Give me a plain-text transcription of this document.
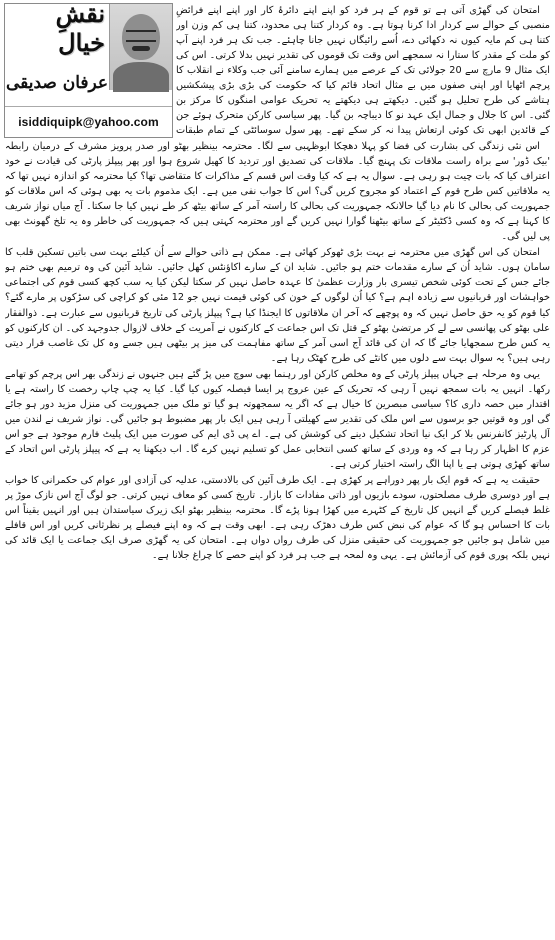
نقشِ خیال
عرفان صدیقی
isiddiquipk@yahoo.com

امتحان کی گھڑی آتی ہے تو قوم کے ہر فرد کو اپنے اپنے دائرۂ کار اور اپنے اپنے فرائضِ منصبی کے حوالے سے کردار ادا کرنا ہوتا ہے۔ وہ کردار کتنا ہی محدود، کتنا ہی کم وزن اور کتنا ہی کم مایہ کیوں نہ دکھائی دے، اُسے رائیگاں نہیں جانا چاہئے۔ جب تک ہر فرد اپنے آپ کو ملت کے مقدر کا ستارا نہ سمجھے اس وقت تک قوموں کی تقدیر نہیں بدلا کرتی۔ اس کی ایک مثال 9 مارچ سے 20 جولائی تک کے عرصے میں ہمارے سامنے آئی جب وکلاء نے انقلاب کا پرچم اٹھایا اور اپنی صفوں میں بے مثال اتحاد قائم کیا کہ حکومت کی بڑی بڑی پیشکشیں ہتاشے کی طرح تحلیل ہو گئیں۔ دیکھتے ہی دیکھتے یہ تحریک عوامی امنگوں کا مرکز بن گئی۔ اس کا جلال و جمال ایک عہد نو کا دیباچہ بن گیا۔ پھر سیاسی کارکن متحرک ہوئے جن کے قائدین ابھی تک کوئی ارتعاش پیدا نہ کر سکے تھے۔ پھر سول سوسائٹی کے تمام طبقات

اس نئی زندگی کی بشارت کی فضا کو پہلا دھچکا ابوظہبی سے لگا۔ محترمہ بینظیر بھٹو اور صدر پرویز مشرف کے درمیان رابطہ 'بیک ڈور' سے براہ راست ملاقات تک پہنچ گیا۔ ملاقات کی تصدیق اور تردید کا کھیل شروع ہوا اور پھر پیپلز پارٹی کی قیادت نے خود اعتراف کیا کہ بات چیت ہو رہی ہے۔ سوال یہ ہے کہ کیا وقت اس قسم کے مذاکرات کا متقاضی تھا؟ کیا محترمہ کو اندازہ نہیں تھا کہ یہ ملاقاتیں کس طرح قوم کے اعتماد کو مجروح کریں گی؟ اس کا جواب نفی میں ہے۔ ایک مذموم بات یہ بھی ہوئی کہ اس ملاقات کو جمہوریت کی بحالی کا نام دیا گیا حالانکہ جمہوریت کی بحالی کا راستہ آمر کے ساتھ بیٹھ کر طے نہیں کیا جا سکتا۔ آج میاں نواز شریف کا کہنا ہے کہ وہ کسی ڈکٹیٹر کے ساتھ بیٹھنا گوارا نہیں کریں گے اور محترمہ کہتی ہیں کہ جمہوریت کی خاطر وہ یہ تلخ گھونٹ بھی پی لیں گی۔

امتحان کی اس گھڑی میں محترمہ نے بہت بڑی ٹھوکر کھائی ہے۔ ممکن ہے ذاتی حوالے سے اُن کیلئے بہت سی باتیں تسکین قلب کا سامان ہوں۔ شاید اُن کے سارے مقدمات ختم ہو جائیں۔ شاید ان کے سارے اکاؤنٹس کھل جائیں۔ شاید آئین کی وہ ترمیم بھی ختم ہو جائے جس کے تحت کوئی شخص تیسری بار وزارت عظمیٰ کا عہدہ حاصل نہیں کر سکتا لیکن کیا یہ سب کچھ کسی قوم کی اجتماعی خواہشات اور قربانیوں سے زیادہ اہم ہے؟ کیا اُن لوگوں کے خون کی کوئی قیمت نہیں جو 12 مئی کو کراچی کی سڑکوں پر مارے گئے؟ کیا قوم کو یہ حق حاصل نہیں کہ وہ پوچھے کہ آخر ان ملاقاتوں کا ایجنڈا کیا ہے؟ پیپلز پارٹی کی تاریخ قربانیوں سے عبارت ہے۔ ذوالفقار علی بھٹو کی پھانسی سے لے کر مرتضیٰ بھٹو کے قتل تک اس جماعت کے کارکنوں نے آمریت کے خلاف لازوال جدوجہد کی۔ ان کارکنوں کو یہ کس طرح سمجھایا جائے گا کہ ان کی قائد آج اسی آمر کے ساتھ مفاہمت کی میز پر بیٹھی ہیں جسے وہ کل تک غاصب قرار دیتی رہی ہیں؟ یہ سوال بہت سے دلوں میں کانٹے کی طرح کھٹک رہا ہے۔

یہی وہ مرحلہ ہے جہاں پیپلز پارٹی کے وہ مخلص کارکن اور رہنما بھی سوچ میں پڑ گئے ہیں جنہوں نے زندگی بھر اس پرچم کو تھامے رکھا۔ انہیں یہ بات سمجھ نہیں آ رہی کہ تحریک کے عین عروج پر ایسا فیصلہ کیوں کیا گیا۔ کیا یہ چپ چاپ رخصت کا راستہ ہے یا اقتدار میں حصہ داری کا؟ سیاسی مبصرین کا خیال ہے کہ اگر یہ سمجھوتہ ہو گیا تو ملک میں جمہوریت کی منزل مزید دور ہو جائے گی اور وہ قوتیں جو برسوں سے اس ملک کی تقدیر سے کھیلتی آ رہی ہیں ایک بار پھر مضبوط ہو جائیں گی۔ نواز شریف نے لندن میں آل پارٹیز کانفرنس بلا کر ایک نیا اتحاد تشکیل دینے کی کوشش کی ہے۔ اے پی ڈی ایم کی صورت میں ایک پلیٹ فارم موجود ہے جو اس عزم کا اظہار کر رہا ہے کہ وہ وردی کے ساتھ کسی انتخابی عمل کو تسلیم نہیں کرے گا۔ اب دیکھنا یہ ہے کہ پیپلز پارٹی اس اتحاد کے ساتھ کھڑی ہوتی ہے یا اپنا الگ راستہ اختیار کرتی ہے۔

حقیقت یہ ہے کہ قوم ایک بار پھر دوراہے پر کھڑی ہے۔ ایک طرف آئین کی بالادستی، عدلیہ کی آزادی اور عوام کی حکمرانی کا خواب ہے اور دوسری طرف مصلحتوں، سودے بازیوں اور ذاتی مفادات کا بازار۔ تاریخ کسی کو معاف نہیں کرتی۔ جو لوگ آج اس نازک موڑ پر غلط فیصلے کریں گے انہیں کل تاریخ کے کٹہرے میں کھڑا ہونا پڑے گا۔ محترمہ بینظیر بھٹو ایک زیرک سیاستدان ہیں اور انہیں یقیناً اس بات کا احساس ہو گا کہ عوام کی نبض کس طرف دھڑک رہی ہے۔ ابھی وقت ہے کہ وہ اپنے فیصلے پر نظرثانی کریں اور اس قافلے میں شامل ہو جائیں جو جمہوریت کی حقیقی منزل کی طرف رواں دواں ہے۔ امتحان کی یہ گھڑی صرف ایک جماعت یا ایک قائد کی نہیں بلکہ پوری قوم کی آزمائش ہے۔ یہی وہ لمحہ ہے جب ہر فرد کو اپنے حصے کا چراغ جلانا ہے۔
